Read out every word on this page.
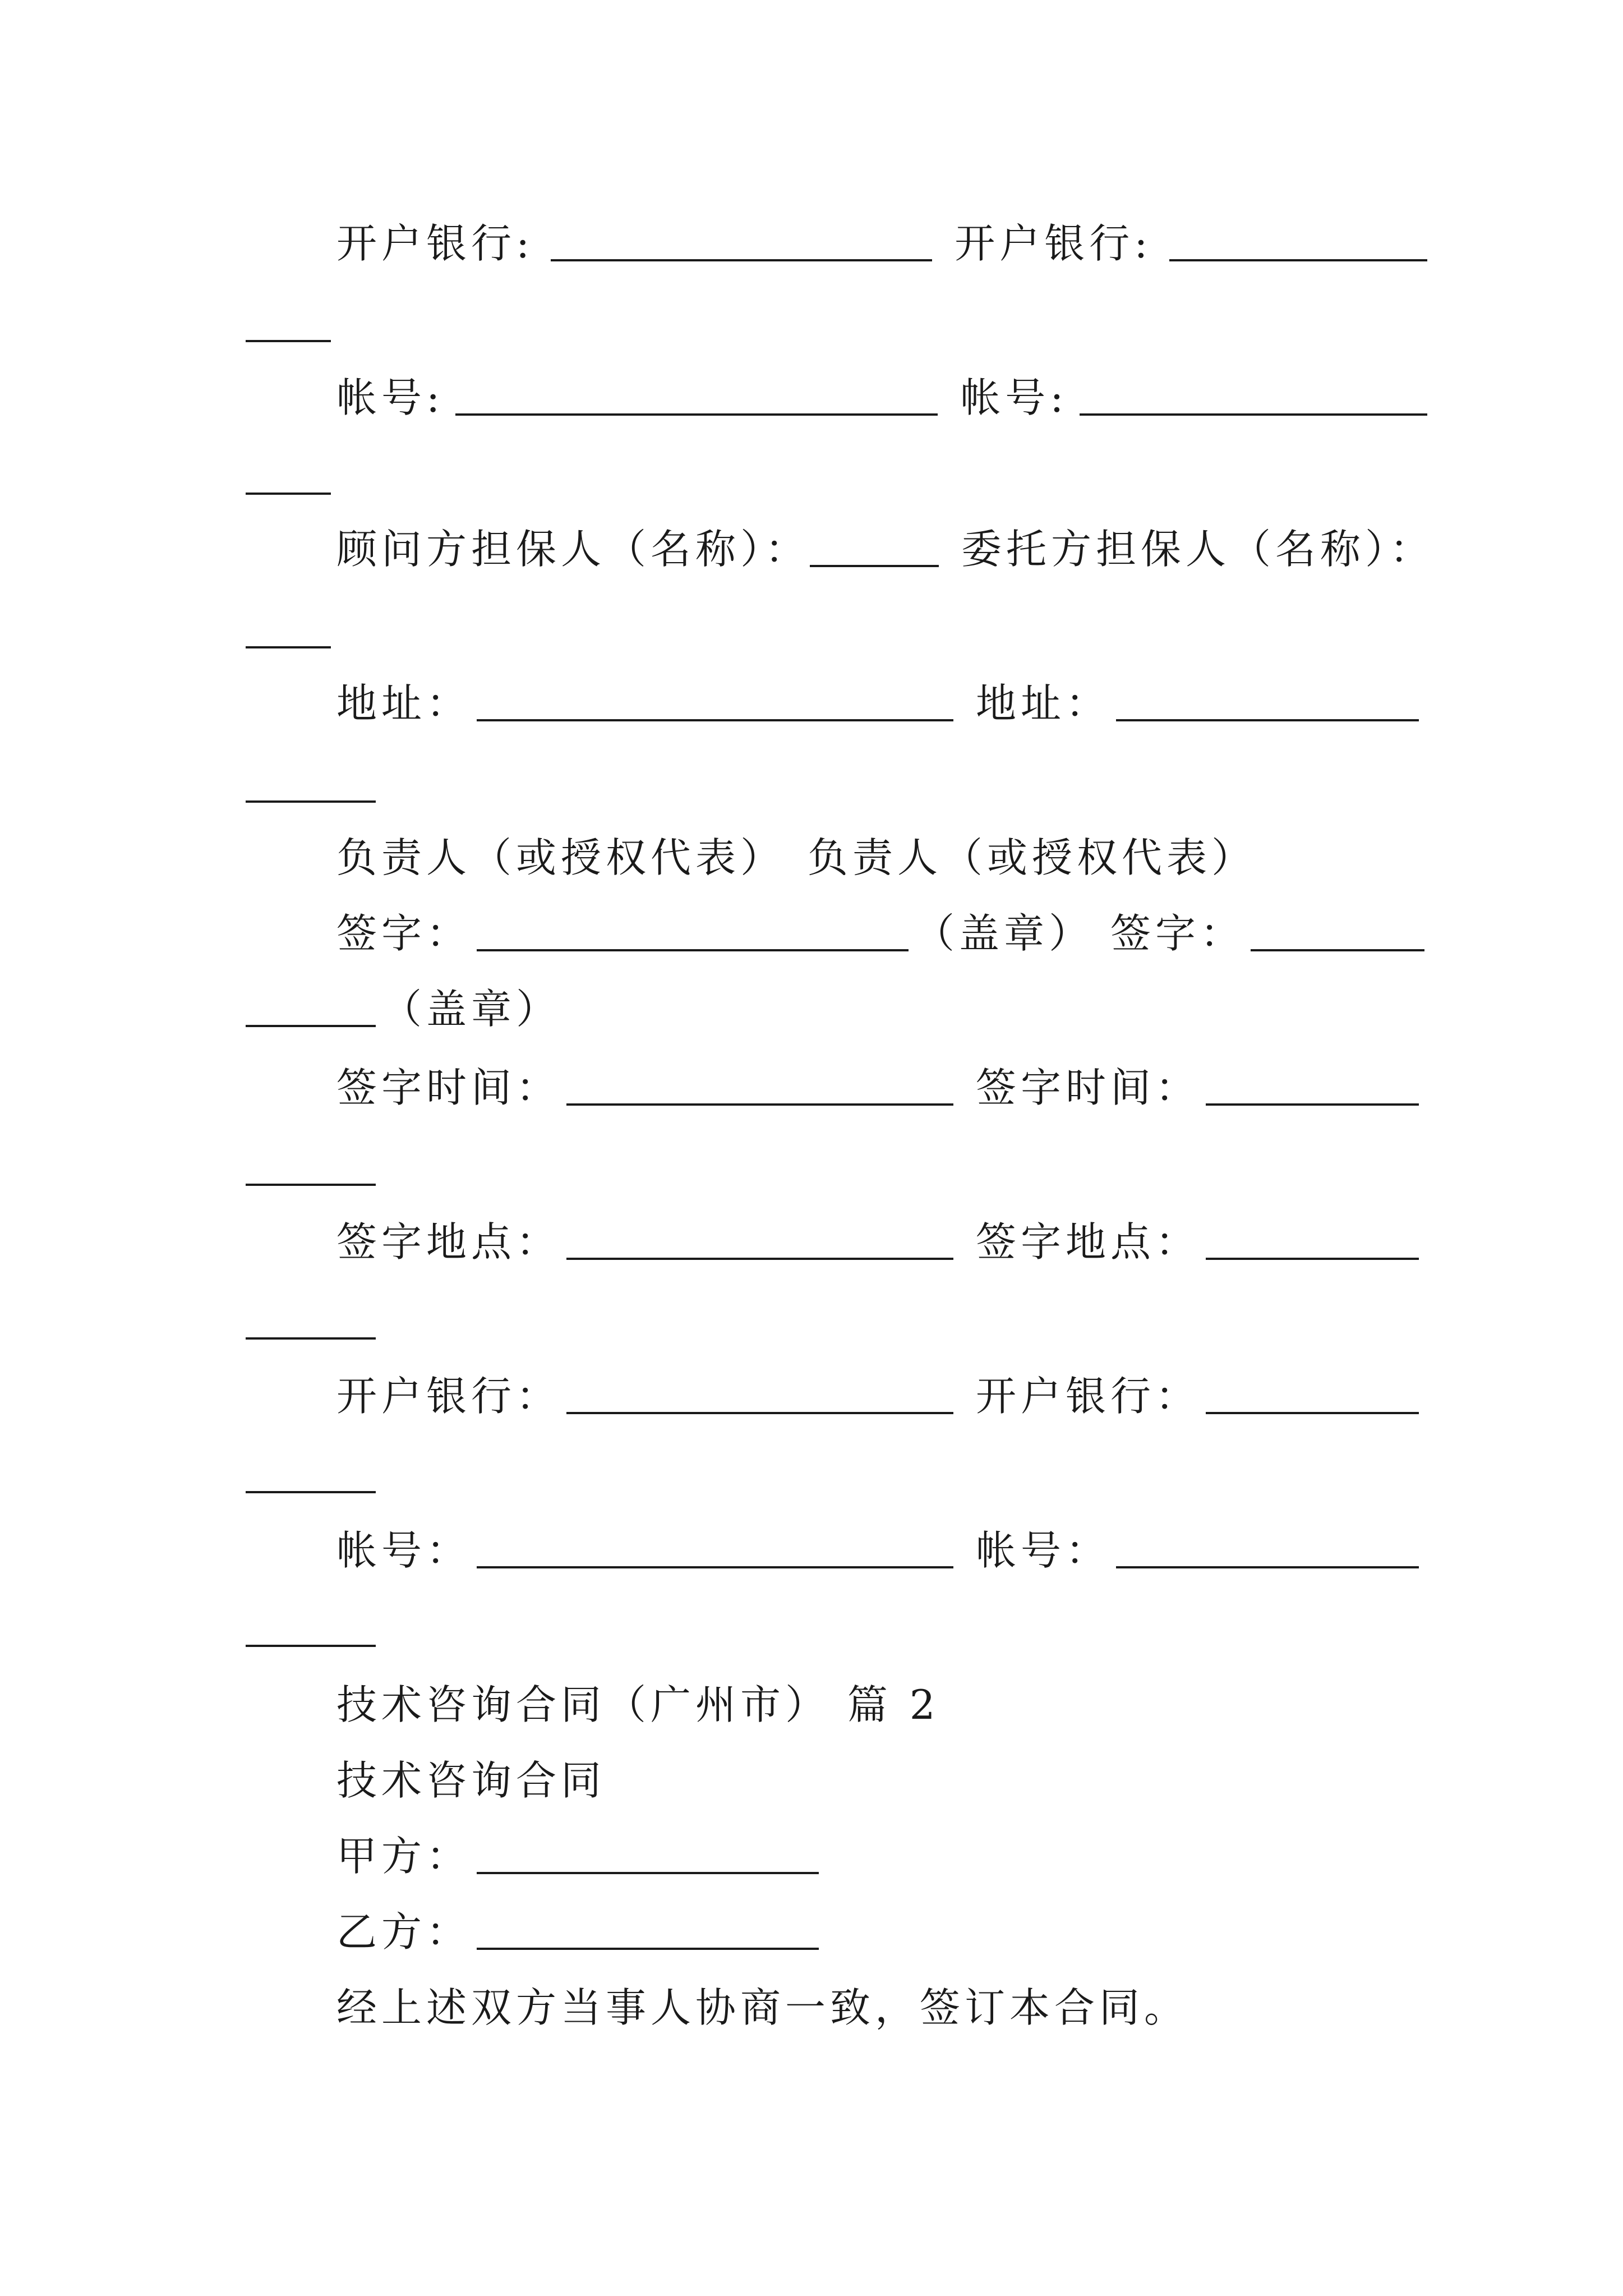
开户银行:	开户银行:
帐号:	帐号:
顾问方担保人（名称）：	委托方担保人（名称）：
地址：	地址：
负责人（或授权代表） 负责人（或授权代表）
签字：	（盖章） 签字：
（盖章）
签字时间：	签字时间：
签字地点：	签字地点：
开户银行：	开户银行：
帐号：	帐号：
技术咨询合同（广州市） 篇 2
技术咨询合同
甲方：
乙方：
经上述双方当事人协商一致，签订本合同。
